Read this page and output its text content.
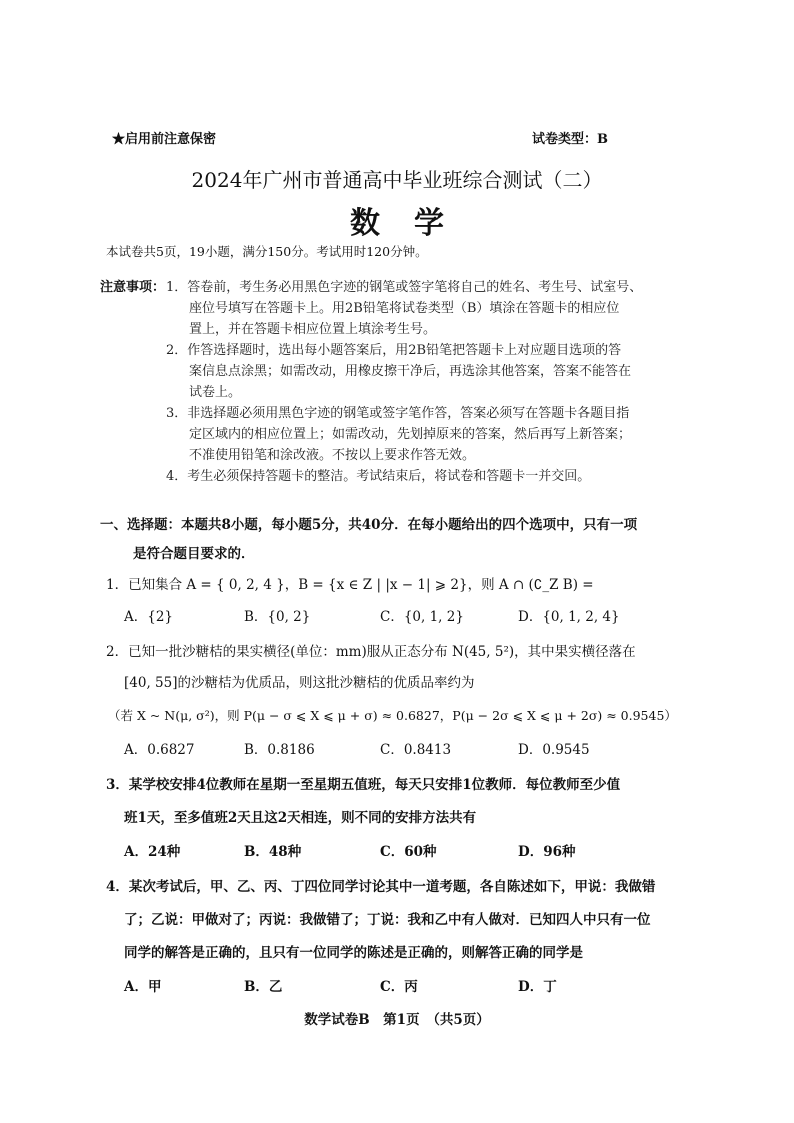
★启用前注意保密	试卷类型：B
2024年广州市普通高中毕业班综合测试（二）
数学
本试卷共5页，19小题，满分150分。考试用时120分钟。
注意事项： 1．答卷前，考生务必用黑色字迹的钢笔或签字笔将自己的姓名、考生号、试室号、
座位号填写在答题卡上。用2B铅笔将试卷类型（B）填涂在答题卡的相应位
置上，并在答题卡相应位置上填涂考生号。
2．作答选择题时，选出每小题答案后，用2B铅笔把答题卡上对应题目选项的答
案信息点涂黑；如需改动，用橡皮擦干净后，再选涂其他答案，答案不能答在
试卷上。
3．非选择题必须用黑色字迹的钢笔或签字笔作答，答案必须写在答题卡各题目指
定区域内的相应位置上；如需改动，先划掉原来的答案，然后再写上新答案；
不准使用铅笔和涂改液。不按以上要求作答无效。
4．考生必须保持答题卡的整洁。考试结束后，将试卷和答题卡一并交回。
一、选择题：本题共8小题，每小题5分，共40分．在每小题给出的四个选项中，只有一项
是符合题目要求的．
1．已知集合 A = { 0, 2, 4 }，B = {x ∈ Z | |x − 1| ⩾ 2}，则 A ∩ (∁_Z B) =
A．{2}	B．{0, 2}	C．{0, 1, 2}	D．{0, 1, 2, 4}
2．已知一批沙糖桔的果实横径(单位：mm)服从正态分布 N(45, 5²)，其中果实横径落在
[40, 55]的沙糖桔为优质品，则这批沙糖桔的优质品率约为
（若 X ~ N(μ, σ²)，则 P(μ − σ ⩽ X ⩽ μ + σ) ≈ 0.6827，P(μ − 2σ ⩽ X ⩽ μ + 2σ) ≈ 0.9545）
A．0.6827	B．0.8186	C．0.8413	D．0.9545
3．某学校安排4位教师在星期一至星期五值班，每天只安排1位教师．每位教师至少值
班1天，至多值班2天且这2天相连，则不同的安排方法共有
A．24种	B．48种	C．60种	D．96种
4．某次考试后，甲、乙、丙、丁四位同学讨论其中一道考题，各自陈述如下，甲说：我做错
了；乙说：甲做对了；丙说：我做错了；丁说：我和乙中有人做对．已知四人中只有一位
同学的解答是正确的，且只有一位同学的陈述是正确的，则解答正确的同学是
A．甲	B．乙	C．丙	D．丁
数学试卷B　第1页　（共5页）
